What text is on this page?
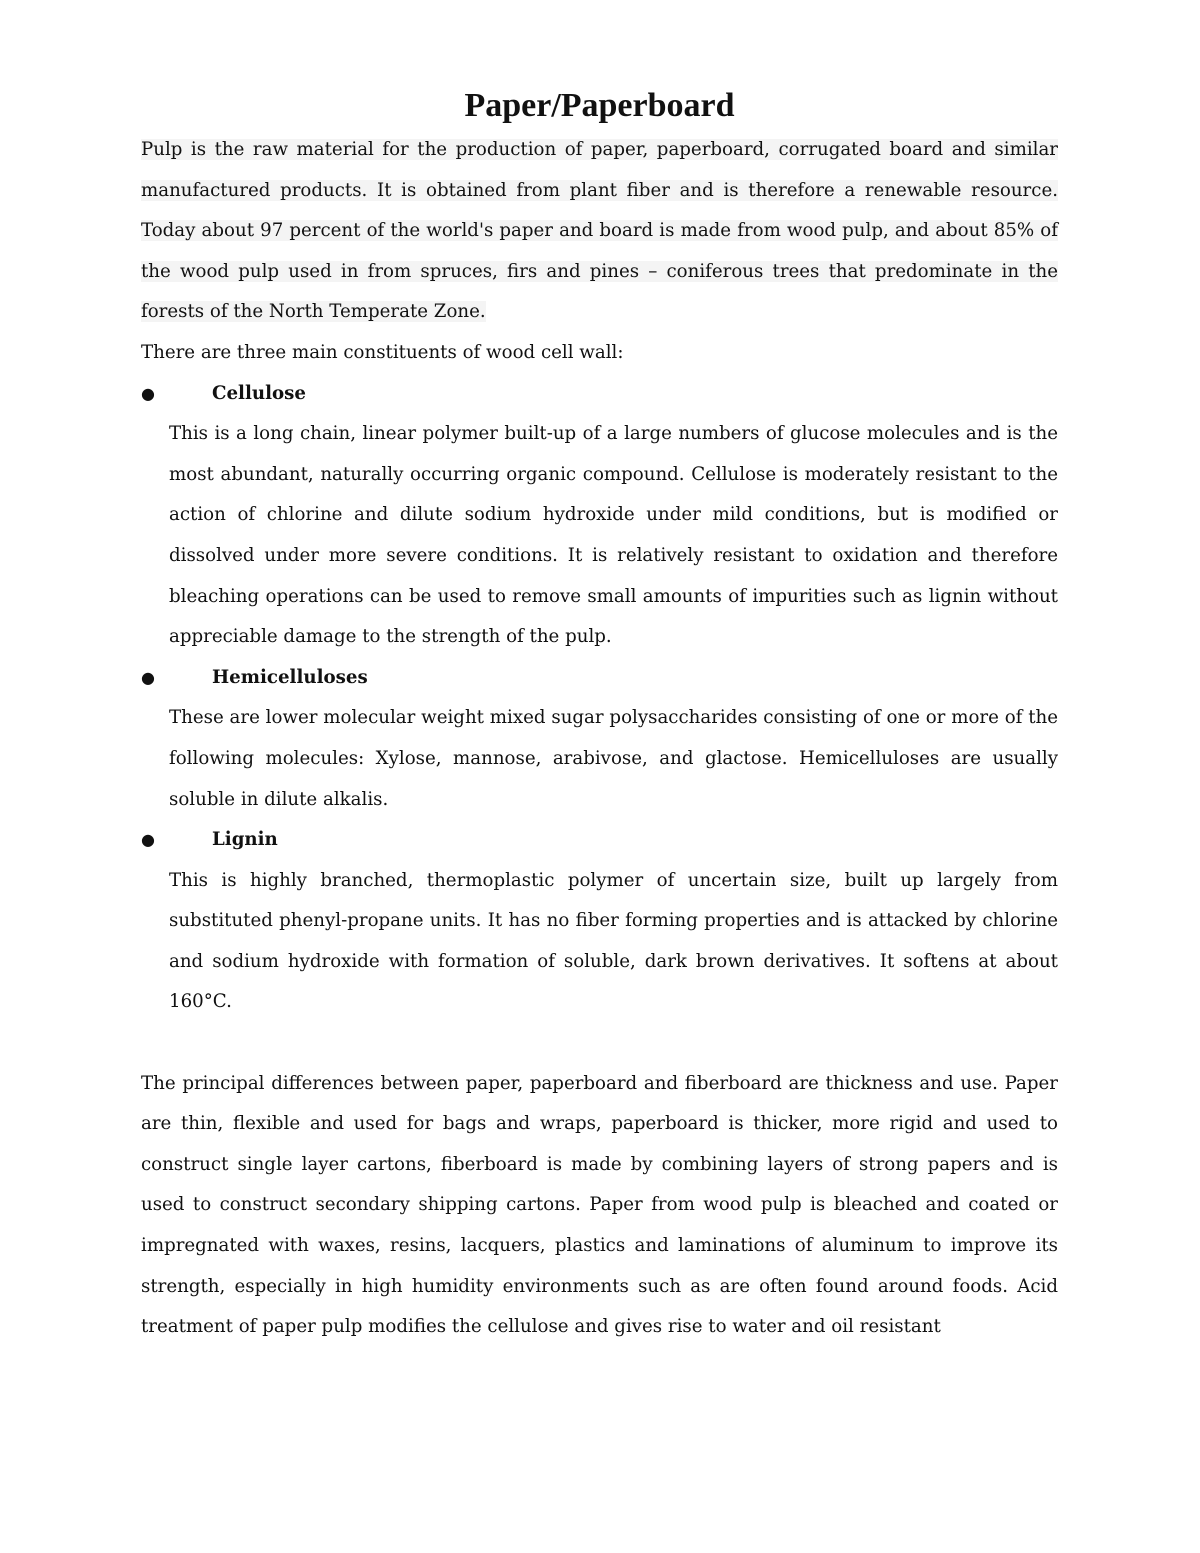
Paper/Paperboard

Pulp is the raw material for the production of paper, paperboard, corrugated board and similar manufactured products. It is obtained from plant fiber and is therefore a renewable resource. Today about 97 percent of the world's paper and board is made from wood pulp, and about 85% of the wood pulp used in from spruces, firs and pines – coniferous trees that predominate in the forests of the North Temperate Zone.

There are three main constituents of wood cell wall:

●	Cellulose

This is a long chain, linear polymer built-up of a large numbers of glucose molecules and is the most abundant, naturally occurring organic compound. Cellulose is moderately resistant to the action of chlorine and dilute sodium hydroxide under mild conditions, but is modified or dissolved under more severe conditions. It is relatively resistant to oxidation and therefore bleaching operations can be used to remove small amounts of impurities such as lignin without appreciable damage to the strength of the pulp.

●	Hemicelluloses

These are lower molecular weight mixed sugar polysaccharides consisting of one or more of the following molecules: Xylose, mannose, arabivose, and glactose. Hemicelluloses are usually soluble in dilute alkalis.

●	Lignin

This is highly branched, thermoplastic polymer of uncertain size, built up largely from substituted phenyl-propane units. It has no fiber forming properties and is attacked by chlorine and sodium hydroxide with formation of soluble, dark brown derivatives. It softens at about 160°C.

The principal differences between paper, paperboard and fiberboard are thickness and use. Paper are thin, flexible and used for bags and wraps, paperboard is thicker, more rigid and used to construct single layer cartons, fiberboard is made by combining layers of strong papers and is used to construct secondary shipping cartons. Paper from wood pulp is bleached and coated or impregnated with waxes, resins, lacquers, plastics and laminations of aluminum to improve its strength, especially in high humidity environments such as are often found around foods. Acid treatment of paper pulp modifies the cellulose and gives rise to water and oil resistant
